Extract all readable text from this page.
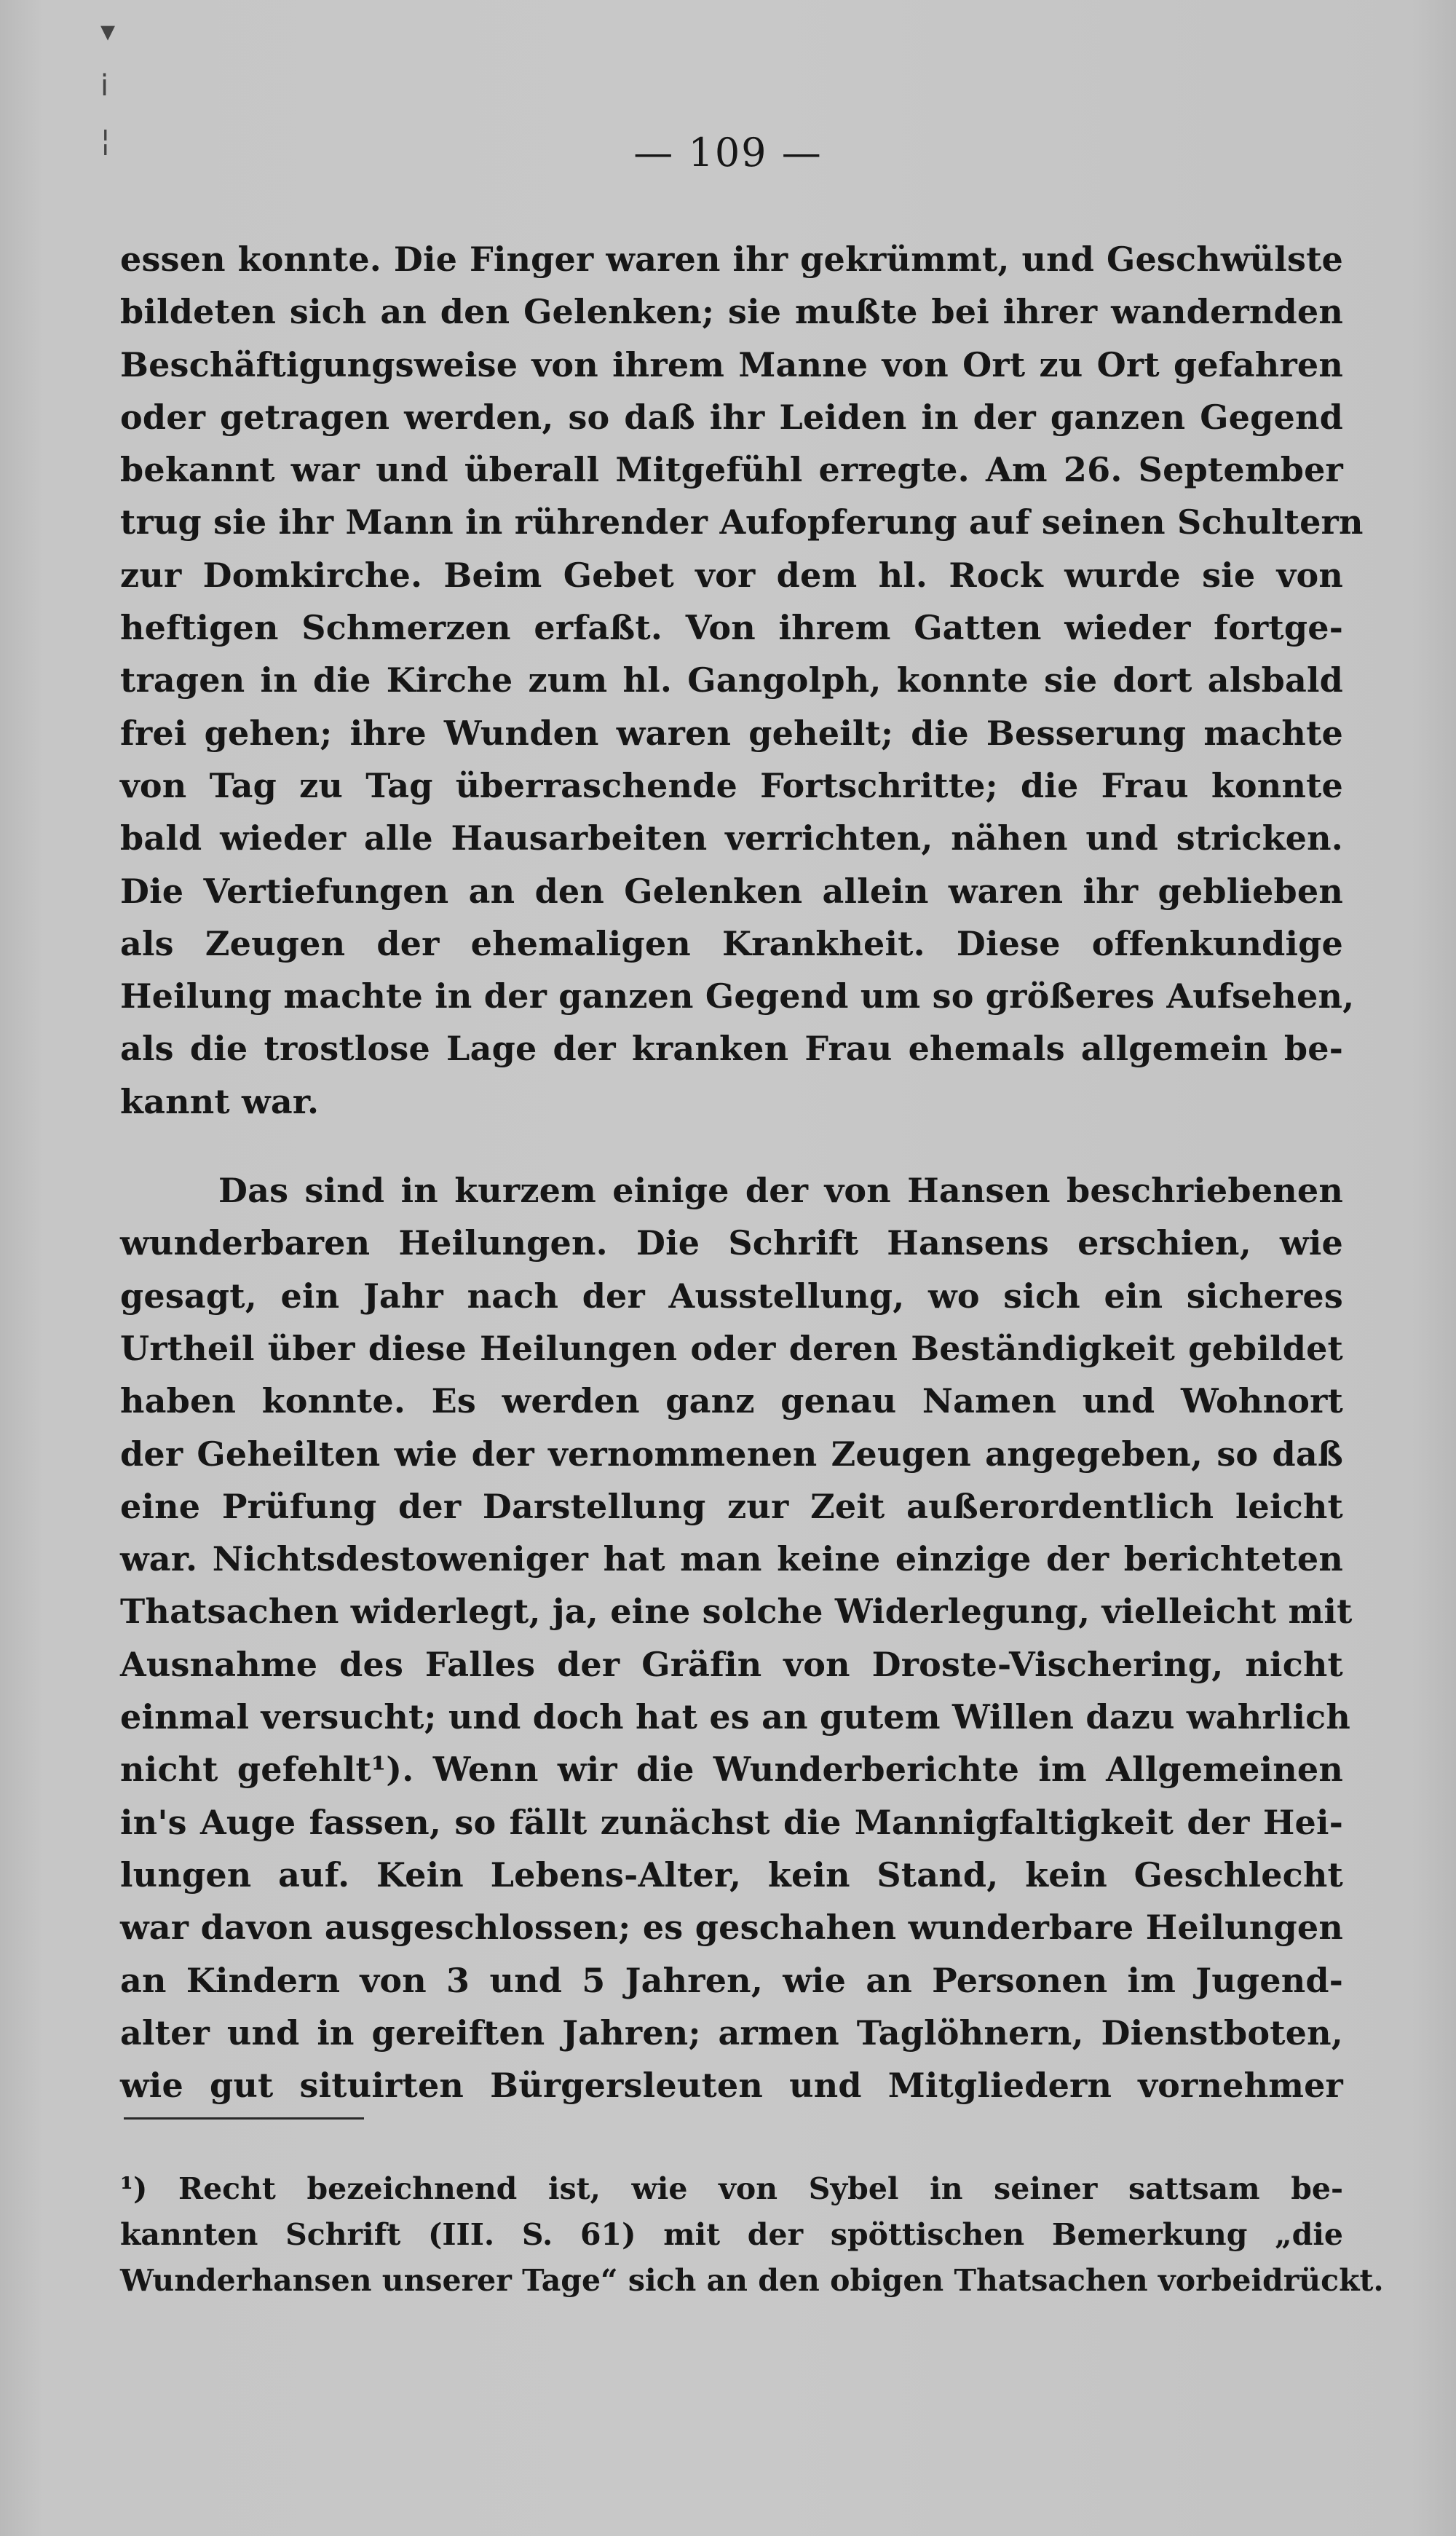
▾
i
¦	— 109 —
essen konnte. Die Finger waren ihr gekrümmt, und Geschwülste
bildeten sich an den Gelenken; sie mußte bei ihrer wandernden
Beschäftigungsweise von ihrem Manne von Ort zu Ort gefahren
oder getragen werden, so daß ihr Leiden in der ganzen Gegend
bekannt war und überall Mitgefühl erregte. Am 26. September
trug sie ihr Mann in rührender Aufopferung auf seinen Schultern
zur Domkirche. Beim Gebet vor dem hl. Rock wurde sie von
heftigen Schmerzen erfaßt. Von ihrem Gatten wieder fortge-
tragen in die Kirche zum hl. Gangolph, konnte sie dort alsbald
frei gehen; ihre Wunden waren geheilt; die Besserung machte
von Tag zu Tag überraschende Fortschritte; die Frau konnte
bald wieder alle Hausarbeiten verrichten, nähen und stricken.
Die Vertiefungen an den Gelenken allein waren ihr geblieben
als Zeugen der ehemaligen Krankheit. Diese offenkundige
Heilung machte in der ganzen Gegend um so größeres Aufsehen,
als die trostlose Lage der kranken Frau ehemals allgemein be-
kannt war.
Das sind in kurzem einige der von Hansen beschriebenen
wunderbaren Heilungen. Die Schrift Hansens erschien, wie
gesagt, ein Jahr nach der Ausstellung, wo sich ein sicheres
Urtheil über diese Heilungen oder deren Beständigkeit gebildet
haben konnte. Es werden ganz genau Namen und Wohnort
der Geheilten wie der vernommenen Zeugen angegeben, so daß
eine Prüfung der Darstellung zur Zeit außerordentlich leicht
war. Nichtsdestoweniger hat man keine einzige der berichteten
Thatsachen widerlegt, ja, eine solche Widerlegung, vielleicht mit
Ausnahme des Falles der Gräfin von Droste-Vischering, nicht
einmal versucht; und doch hat es an gutem Willen dazu wahrlich
nicht gefehlt¹). Wenn wir die Wunderberichte im Allgemeinen
in's Auge fassen, so fällt zunächst die Mannigfaltigkeit der Hei-
lungen auf. Kein Lebens-Alter, kein Stand, kein Geschlecht
war davon ausgeschlossen; es geschahen wunderbare Heilungen
an Kindern von 3 und 5 Jahren, wie an Personen im Jugend-
alter und in gereiften Jahren; armen Taglöhnern, Dienstboten,
wie gut situirten Bürgersleuten und Mitgliedern vornehmer
¹) Recht bezeichnend ist, wie von Sybel in seiner sattsam be-
kannten Schrift (III. S. 61) mit der spöttischen Bemerkung „die
Wunderhansen unserer Tage“ sich an den obigen Thatsachen vorbeidrückt.
